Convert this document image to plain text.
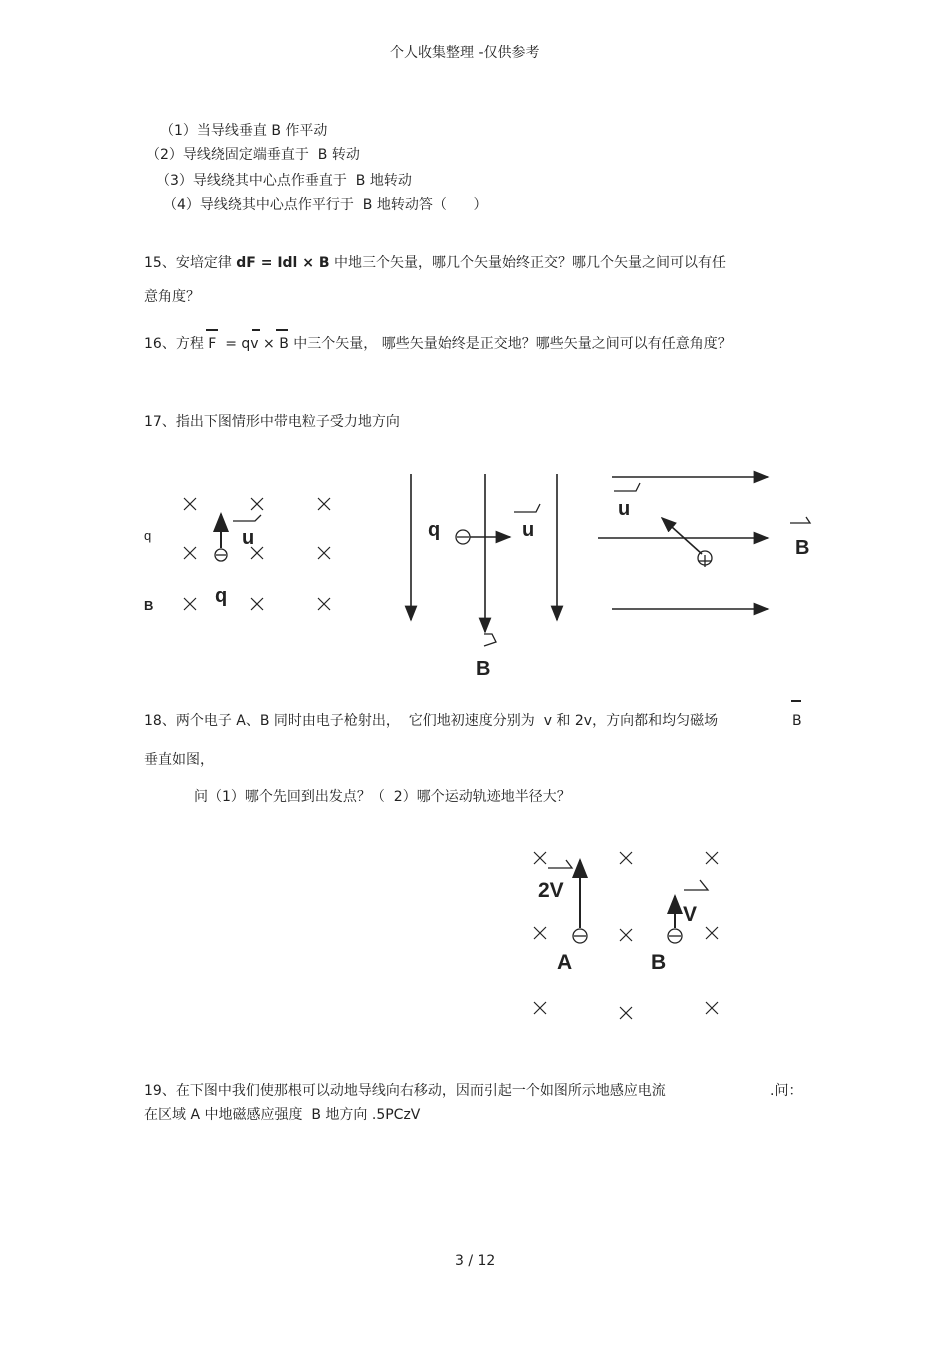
个人收集整理 -仅供参考
3 / 12
（1）当导线垂直 B 作平动
（2）导线绕固定端垂直于  B 转动
（3）导线绕其中心点作垂直于  B 地转动
（4）导线绕其中心点作平行于  B 地转动答（      ）
15、安培定律 dF = Idl × B 中地三个矢量，哪几个矢量始终正交？哪几个矢量之间可以有任
意角度？
16、方程 F  = qv × B 中三个矢量， 哪些矢量始终是正交地？哪些矢量之间可以有任意角度？
17、指出下图情形中带电粒子受力地方向
18、两个电子 A、B 同时由电子枪射出，  它们地初速度分别为  v 和 2v，方向都和均匀磁场	B
垂直如图，
问（1）哪个先回到出发点？（  2）哪个运动轨迹地半径大？
19、在下图中我们使那根可以动地导线向右移动，因而引起一个如图所示地感应电流	.问：
在区域 A 中地磁感应强度  B 地方向 .5PCzV
q
B	q
u	q	u
B
u
B
2V
V
A	B
